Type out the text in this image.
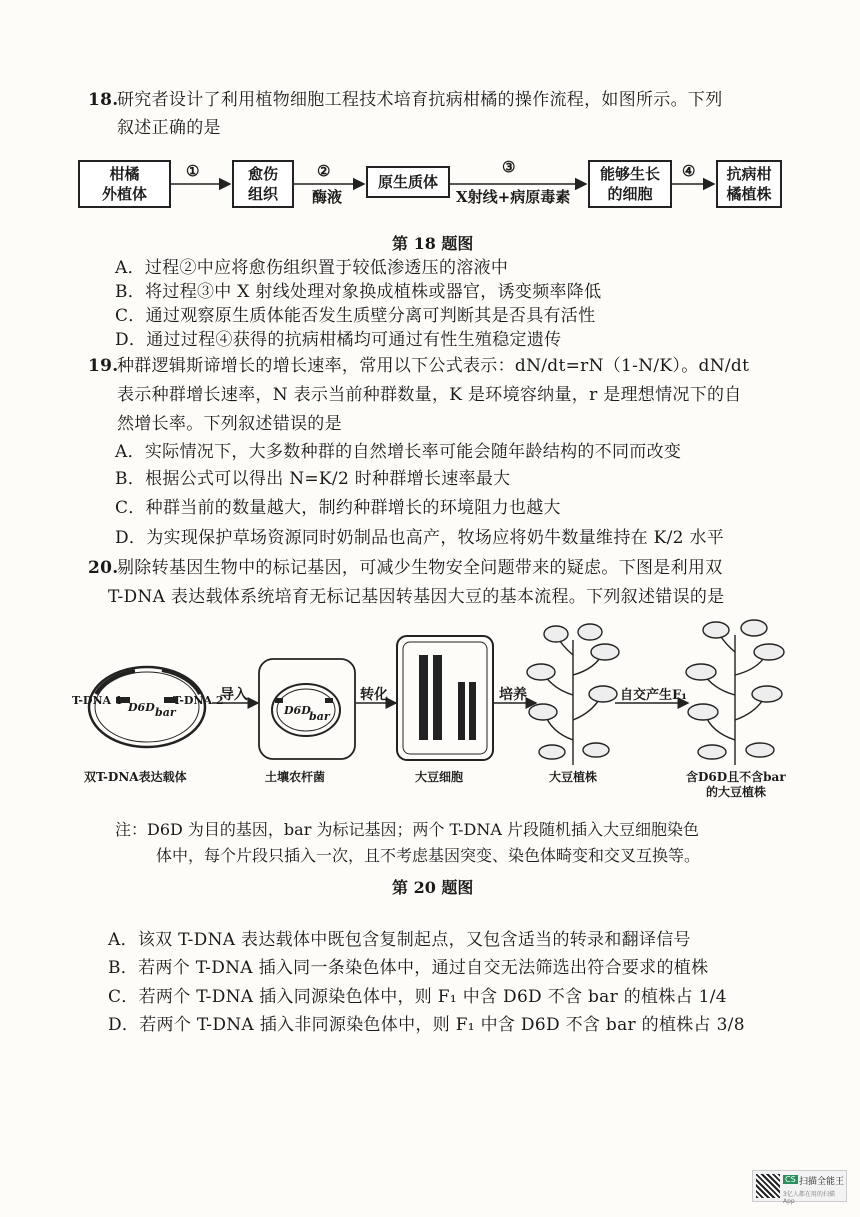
18.
研究者设计了利用植物细胞工程技术培育抗病柑橘的操作流程，如图所示。下列
叙述正确的是
柑橘
外植体
愈伤
组织
原生质体	能够生长
的细胞
抗病柑
橘植株
①	②
酶液
③
X射线+病原毒素
④
第 18 题图
A．过程②中应将愈伤组织置于较低渗透压的溶液中
B．将过程③中 X 射线处理对象换成植株或器官，诱变频率降低
C．通过观察原生质体能否发生质壁分离可判断其是否具有活性
D．通过过程④获得的抗病柑橘均可通过有性生殖稳定遗传
19.
种群逻辑斯谛增长的增长速率，常用以下公式表示：dN/dt=rN（1-N/K）。dN/dt
表示种群增长速率，N 表示当前种群数量，K 是环境容纳量，r 是理想情况下的自
然增长率。下列叙述错误的是
A．实际情况下，大多数种群的自然增长率可能会随年龄结构的不同而改变
B．根据公式可以得出 N=K/2 时种群增长速率最大
C．种群当前的数量越大，制约种群增长的环境阻力也越大
D．为实现保护草场资源同时奶制品也高产，牧场应将奶牛数量维持在 K/2 水平
20.
剔除转基因生物中的标记基因，可减少生物安全问题带来的疑虑。下图是利用双
T-DNA 表达载体系统培育无标记基因转基因大豆的基本流程。下列叙述错误的是
T-DNA 1	T-DNA 2
D6D bar	D6D
bar
导入	转化	培养	自交产生F₁
双T-DNA表达载体	土壤农杆菌	大豆细胞	大豆植株	含D6D且不含bar
的大豆植株
注：D6D 为目的基因，bar 为标记基因；两个 T-DNA 片段随机插入大豆细胞染色
体中，每个片段只插入一次，且不考虑基因突变、染色体畸变和交叉互换等。
第 20 题图
A．该双 T-DNA 表达载体中既包含复制起点，又包含适当的转录和翻译信号
B．若两个 T-DNA 插入同一条染色体中，通过自交无法筛选出符合要求的植株
C．若两个 T-DNA 插入同源染色体中，则 F₁ 中含 D6D 不含 bar 的植株占 1/4
D．若两个 T-DNA 插入非同源染色体中，则 F₁ 中含 D6D 不含 bar 的植株占 3/8
CS 扫描全能王
3亿人都在用的扫描App
